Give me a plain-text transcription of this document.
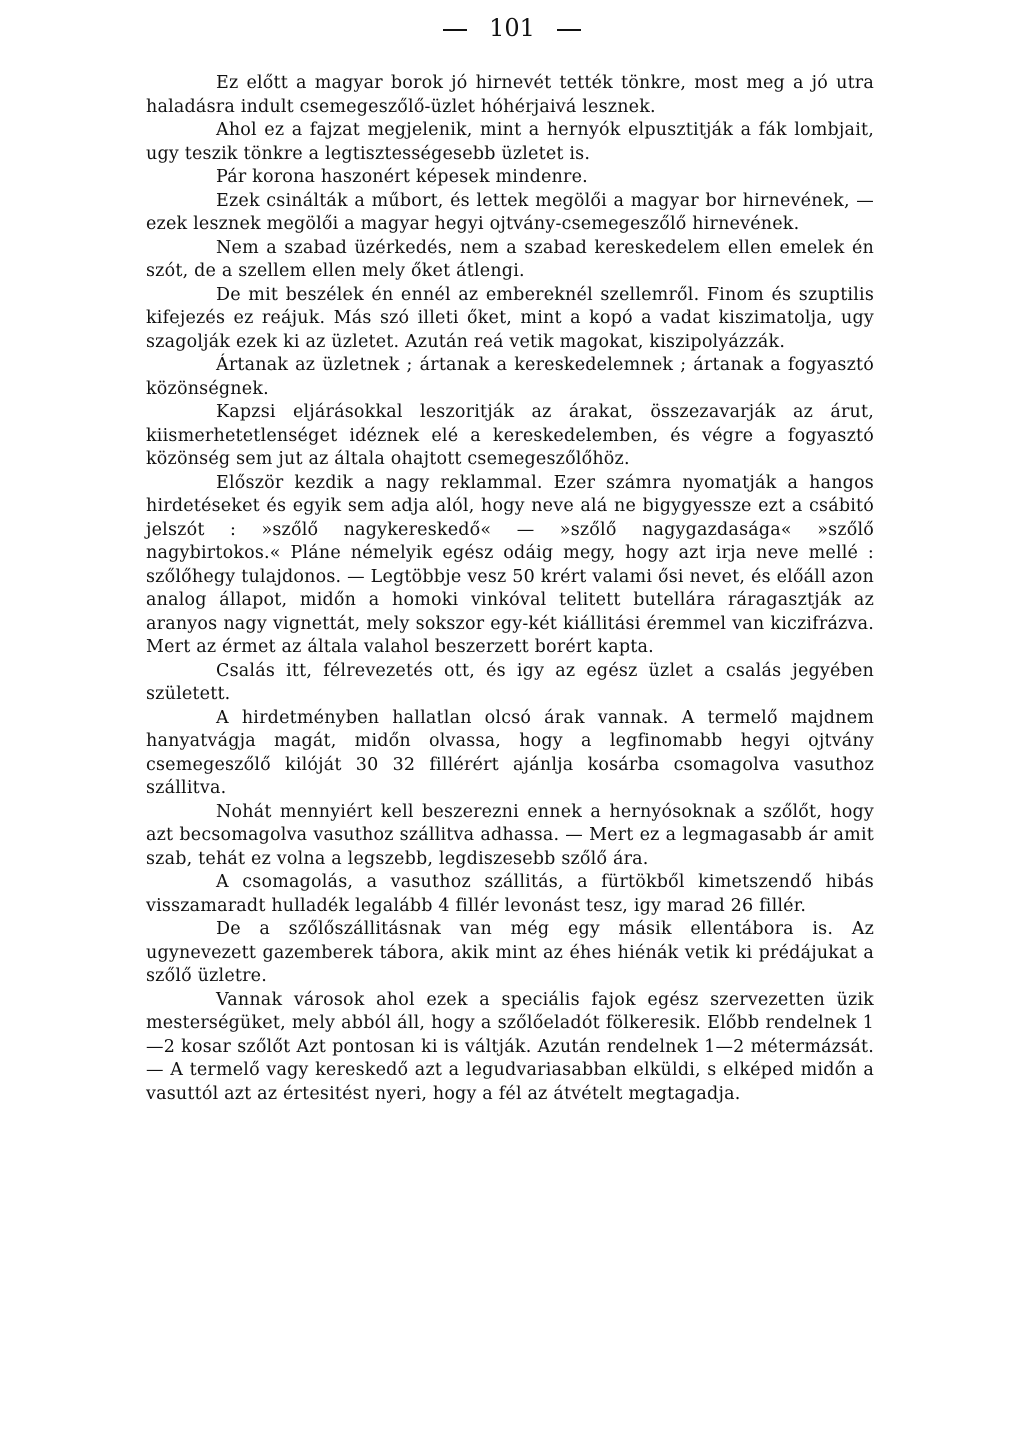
101

Ez előtt a magyar borok jó hirnevét tették tönkre, most meg a jó utra haladásra indult csemegeszőlő-üzlet hóhérjaivá lesznek.

Ahol ez a fajzat megjelenik, mint a hernyók elpusztitják a fák lombjait, ugy teszik tönkre a legtisztességesebb üzletet is.

Pár korona haszonért képesek mindenre.

Ezek csinálták a műbort, és lettek megölői a magyar bor hirnevének, — ezek lesznek megölői a magyar hegyi ojtvány-csemegeszőlő hirnevének.

Nem a szabad üzérkedés, nem a szabad kereskedelem ellen emelek én szót, de a szellem ellen mely őket átlengi.

De mit beszélek én ennél az embereknél szellemről. Finom és szuptilis kifejezés ez reájuk. Más szó illeti őket, mint a kopó a vadat kiszimatolja, ugy szagolják ezek ki az üzletet. Azután reá vetik magokat, kiszipolyázzák.

Ártanak az üzletnek ; ártanak a kereskedelemnek ; ártanak a fogyasztó közönségnek.

Kapzsi eljárásokkal leszoritják az árakat, összezavarják az árut, kiismerhetetlenséget idéznek elé a kereskedelemben, és végre a fogyasztó közönség sem jut az általa ohajtott csemegeszőlőhöz.

Először kezdik a nagy reklammal. Ezer számra nyomatják a hangos hirdetéseket és egyik sem adja alól, hogy neve alá ne bigygyessze ezt a csábitó jelszót : »szőlő nagykereskedő« — »szőlő nagygazdasága« »szőlő nagybirtokos.« Pláne némelyik egész odáig megy, hogy azt irja neve mellé : szőlőhegy tulajdonos. — Legtöbbje vesz 50 krért valami ősi nevet, és előáll azon analog állapot, midőn a homoki vinkóval telitett butellára ráragasztják az aranyos nagy vignettát, mely sokszor egy-két kiállitási éremmel van kiczifrázva. Mert az érmet az általa valahol beszerzett borért kapta.

Csalás itt, félrevezetés ott, és igy az egész üzlet a csalás jegyében született.

A hirdetményben hallatlan olcsó árak vannak. A termelő majdnem hanyatvágja magát, midőn olvassa, hogy a legfinomabb hegyi ojtvány csemegeszőlő kilóját 30 32 fillérért ajánlja kosárba csomagolva vasuthoz szállitva.

Nohát mennyiért kell beszerezni ennek a hernyósoknak a szőlőt, hogy azt becsomagolva vasuthoz szállitva adhassa. — Mert ez a legmagasabb ár amit szab, tehát ez volna a legszebb, legdiszesebb szőlő ára.

A csomagolás, a vasuthoz szállitás, a fürtökből kimetszendő hibás visszamaradt hulladék legalább 4 fillér levonást tesz, igy marad 26 fillér.

De a szőlőszállitásnak van még egy másik ellentábora is. Az ugynevezett gazemberek tábora, akik mint az éhes hiénák vetik ki prédájukat a szőlő üzletre.

Vannak városok ahol ezek a speciális fajok egész szervezetten üzik mesterségüket, mely abból áll, hogy a szőlőeladót fölkeresik. Előbb rendelnek 1—2 kosar szőlőt Azt pontosan ki is váltják. Azután rendelnek 1—2 métermázsát. — A termelő vagy kereskedő azt a legudvariasabban elküldi, s elképed midőn a vasuttól azt az értesitést nyeri, hogy a fél az átvételt megtagadja.
